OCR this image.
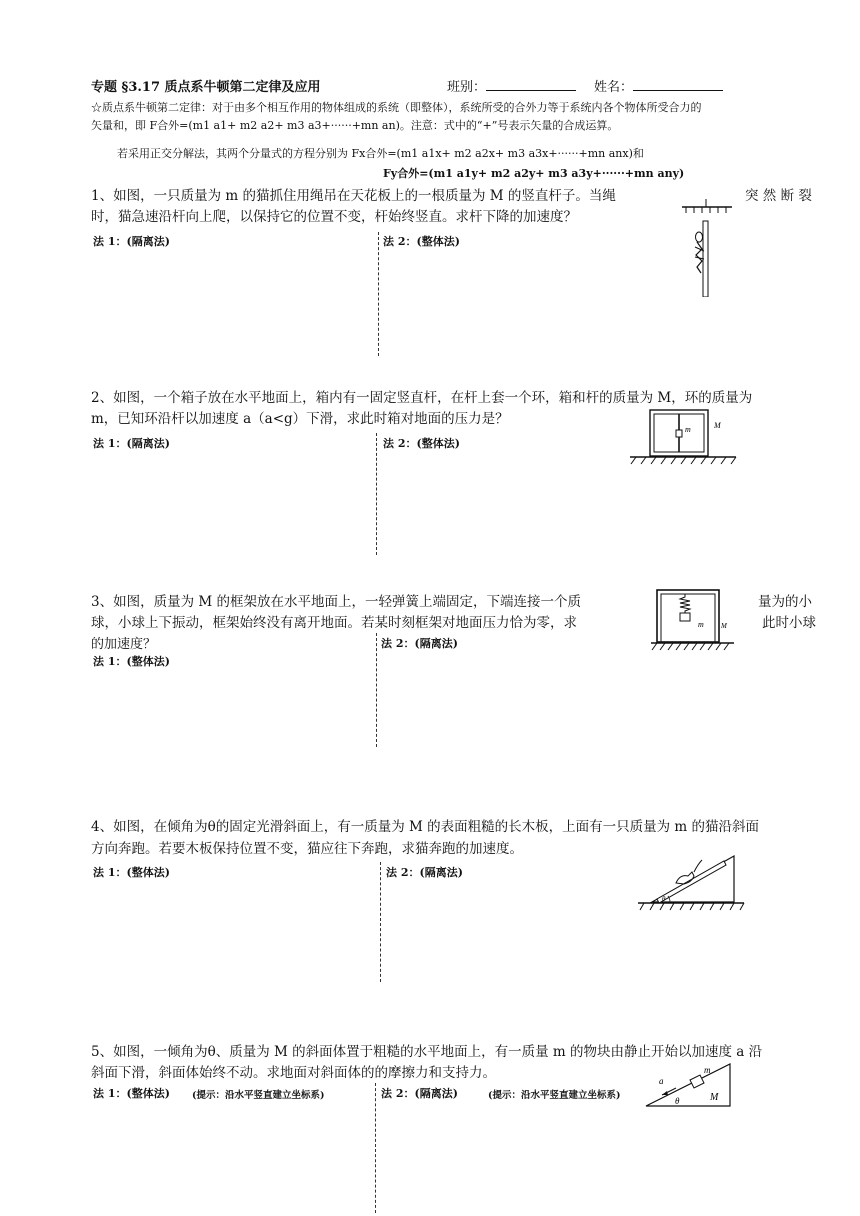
专题 §3.17 质点系牛顿第二定律及应用	班别：	姓名：
☆质点系牛顿第二定律：对于由多个相互作用的物体组成的系统（即整体），系统所受的合外力等于系统内各个物体所受合力的
矢量和，即 F合外=(m1 a1+ m2 a2+ m3 a3+······+mn an)。注意：式中的“+”号表示矢量的合成运算。
若采用正交分解法，其两个分量式的方程分别为 Fx合外=(m1 a1x+ m2 a2x+ m3 a3x+······+mn anx)和
Fy合外=(m1 a1y+ m2 a2y+ m3 a3y+······+mn any)
1、如图，一只质量为 m 的猫抓住用绳吊在天花板上的一根质量为 M 的竖直杆子。当绳	突 然 断 裂
时，猫急速沿杆向上爬，以保持它的位置不变，杆始终竖直。求杆下降的加速度？
法 1：(隔离法)	法 2：(整体法)
2、如图，一个箱子放在水平地面上，箱内有一固定竖直杆，在杆上套一个环，箱和杆的质量为 M，环的质量为
m，已知环沿杆以加速度 a（a<g）下滑，求此时箱对地面的压力是？
法 1：(隔离法)	法 2：(整体法)
m	M
3、如图，质量为 M 的框架放在水平地面上，一轻弹簧上端固定，下端连接一个质	量为的小
球，小球上下振动，框架始终没有离开地面。若某时刻框架对地面压力恰为零，求	此时小球
的加速度？
法 1：(整体法)
法 2：(隔离法)
m M
4、如图，在倾角为θ的固定光滑斜面上，有一质量为 M 的表面粗糙的长木板，上面有一只质量为 m 的猫沿斜面
方向奔跑。若要木板保持位置不变，猫应往下奔跑，求猫奔跑的加速度。
法 1：(整体法)	法 2：(隔离法)
θ
5、如图，一倾角为θ、质量为 M 的斜面体置于粗糙的水平地面上，有一质量 m 的物块由静止开始以加速度 a 沿
斜面下滑，斜面体始终不动。求地面对斜面体的的摩擦力和支持力。
法 1：(整体法) (提示：沿水平竖直建立坐标系)	法 2：(隔离法)	(提示：沿水平竖直建立坐标系)
m
a
θ	M
